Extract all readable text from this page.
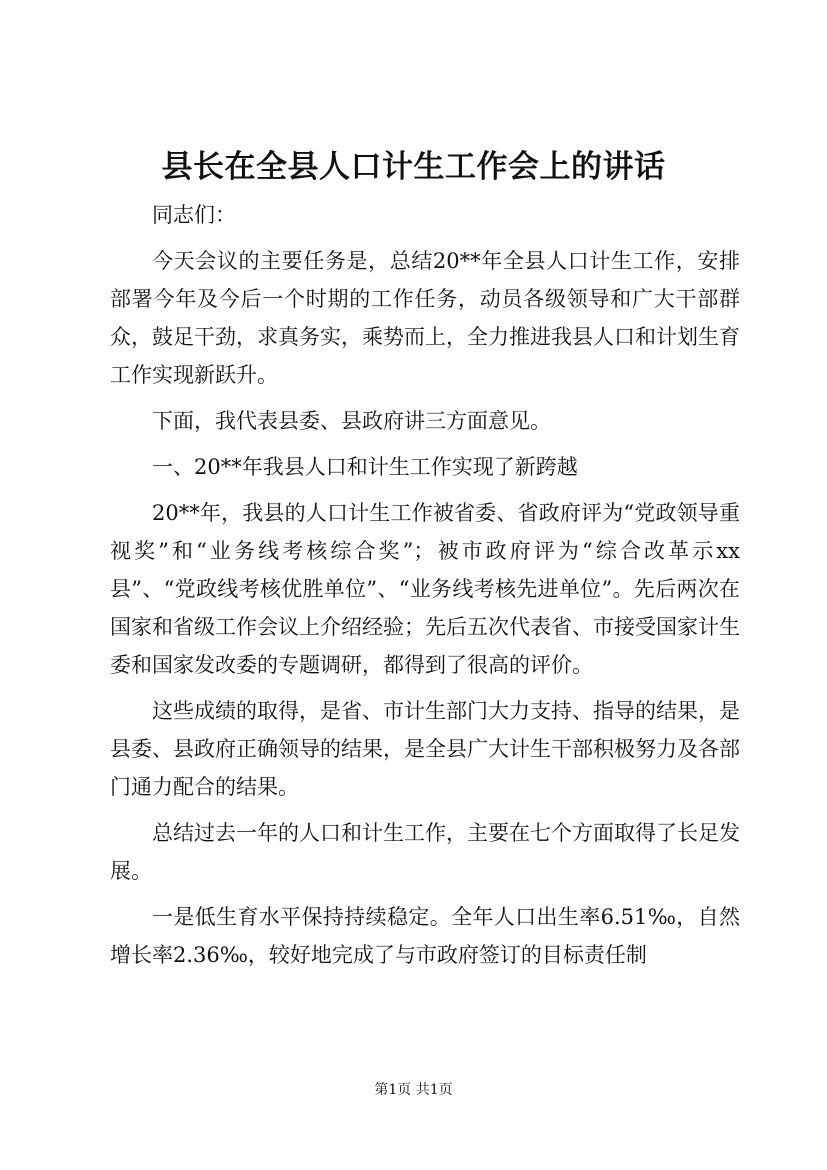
县长在全县人口计生工作会上的讲话

同志们：

今天会议的主要任务是，总结20**年全县人口计生工作，安排部署今年及今后一个时期的工作任务，动员各级领导和广大干部群众，鼓足干劲，求真务实，乘势而上，全力推进我县人口和计划生育工作实现新跃升。

下面，我代表县委、县政府讲三方面意见。

一、20**年我县人口和计生工作实现了新跨越

20**年，我县的人口计生工作被省委、省政府评为“党政领导重视奖”和“业务线考核综合奖”；被市政府评为“综合改革示xx县”、“党政线考核优胜单位”、“业务线考核先进单位”。先后两次在国家和省级工作会议上介绍经验；先后五次代表省、市接受国家计生委和国家发改委的专题调研，都得到了很高的评价。

这些成绩的取得，是省、市计生部门大力支持、指导的结果，是县委、县政府正确领导的结果，是全县广大计生干部积极努力及各部门通力配合的结果。

总结过去一年的人口和计生工作，主要在七个方面取得了长足发展。

一是低生育水平保持持续稳定。全年人口出生率6.51‰，自然增长率2.36‰，较好地完成了与市政府签订的目标责任制

第1页 共1页
